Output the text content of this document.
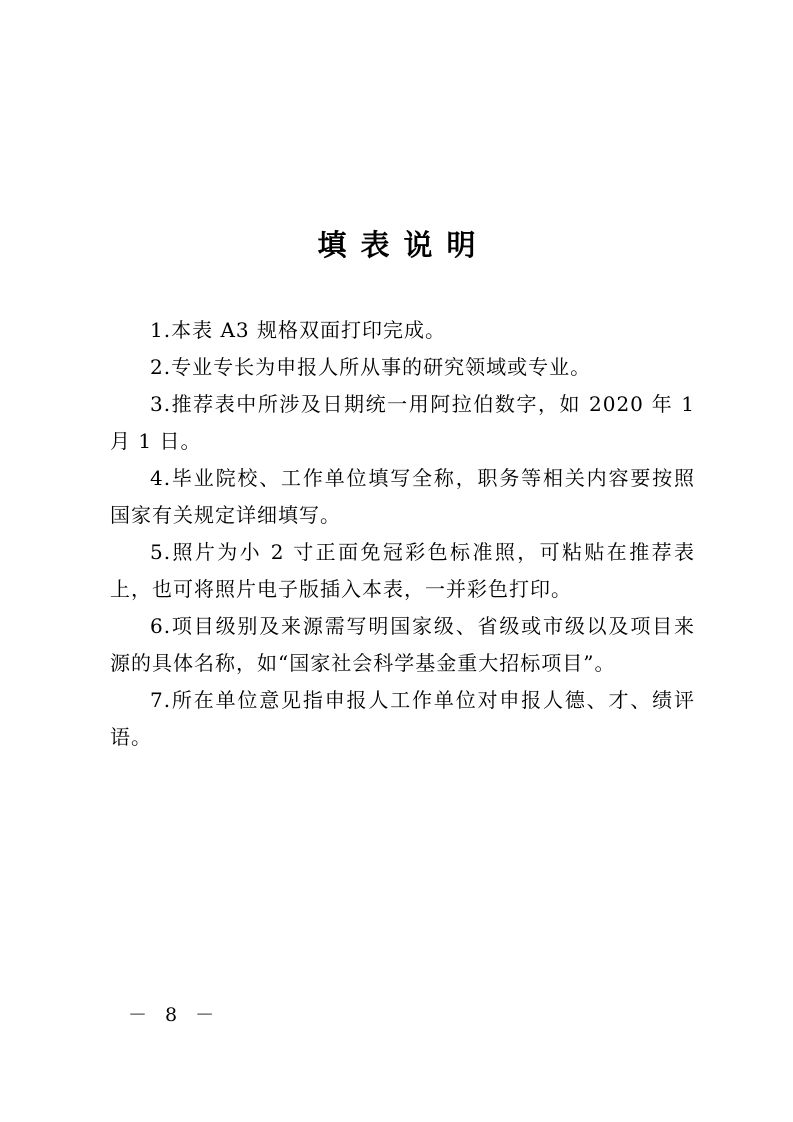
填表说明

1.本表 A3 规格双面打印完成。

2.专业专长为申报人所从事的研究领域或专业。

3.推荐表中所涉及日期统一用阿拉伯数字，如 2020 年 1 月 1 日。

4.毕业院校、工作单位填写全称，职务等相关内容要按照国家有关规定详细填写。

5.照片为小 2 寸正面免冠彩色标准照，可粘贴在推荐表上，也可将照片电子版插入本表，一并彩色打印。

6.项目级别及来源需写明国家级、省级或市级以及项目来源的具体名称，如“国家社会科学基金重大招标项目”。

7.所在单位意见指申报人工作单位对申报人德、才、绩评语。

－ 8 －
